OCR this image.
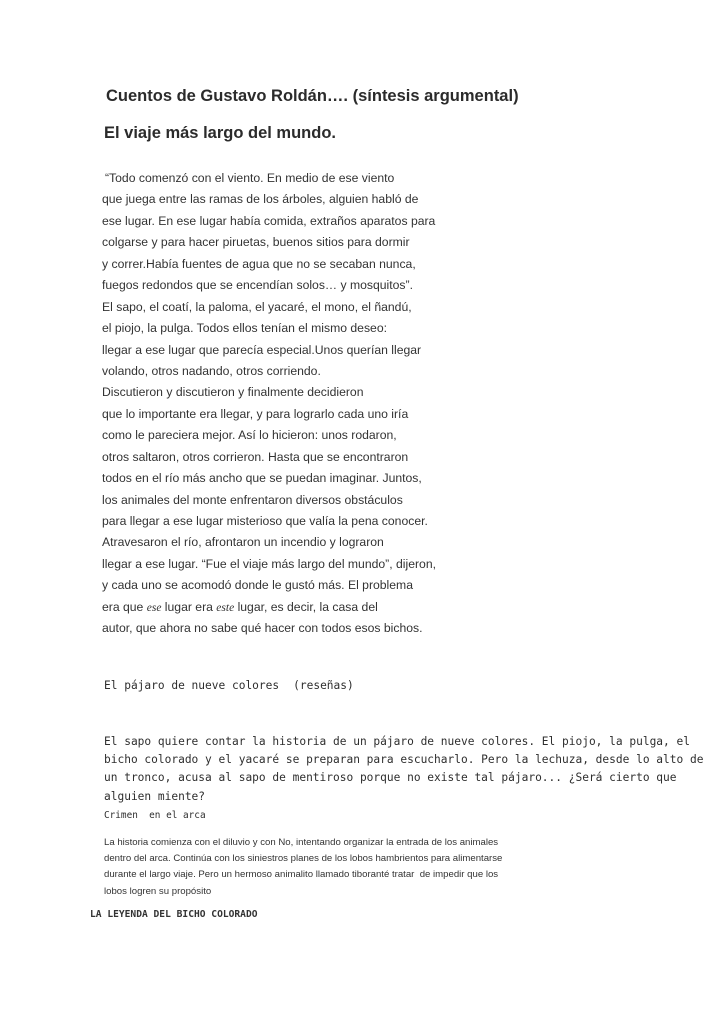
Cuentos de Gustavo Roldán…. (síntesis argumental)
El viaje más largo del mundo.
“Todo comenzó con el viento. En medio de ese viento
que juega entre las ramas de los árboles, alguien habló de
ese lugar. En ese lugar había comida, extraños aparatos para
colgarse y para hacer piruetas, buenos sitios para dormir
y correr.Había fuentes de agua que no se secaban nunca,
fuegos redondos que se encendían solos… y mosquitos”.
El sapo, el coatí, la paloma, el yacaré, el mono, el ñandú,
el piojo, la pulga. Todos ellos tenían el mismo deseo:
llegar a ese lugar que parecía especial.Unos querían llegar
volando, otros nadando, otros corriendo.
Discutieron y discutieron y finalmente decidieron
que lo importante era llegar, y para lograrlo cada uno iría
como le pareciera mejor. Así lo hicieron: unos rodaron,
otros saltaron, otros corrieron. Hasta que se encontraron
todos en el río más ancho que se puedan imaginar. Juntos,
los animales del monte enfrentaron diversos obstáculos
para llegar a ese lugar misterioso que valía la pena conocer.
Atravesaron el río, afrontaron un incendio y lograron
llegar a ese lugar. “Fue el viaje más largo del mundo”, dijeron,
y cada uno se acomodó donde le gustó más. El problema
era que ese lugar era este lugar, es decir, la casa del
autor, que ahora no sabe qué hacer con todos esos bichos.
El pájaro de nueve colores (reseñas)
El sapo quiere contar la historia de un pájaro de nueve colores. El piojo, la pulga, el
bicho colorado y el yacaré se preparan para escucharlo. Pero la lechuza, desde lo alto de
un tronco, acusa al sapo de mentiroso porque no existe tal pájaro... ¿Será cierto que
alguien miente?
Crimen  en el arca
La historia comienza con el diluvio y con No, intentando organizar la entrada de los animales
dentro del arca. Continúa con los siniestros planes de los lobos hambrientos para alimentarse
durante el largo viaje. Pero un hermoso animalito llamado tiboranté tratar  de impedir que los
lobos logren su propósito
LA LEYENDA DEL BICHO COLORADO
